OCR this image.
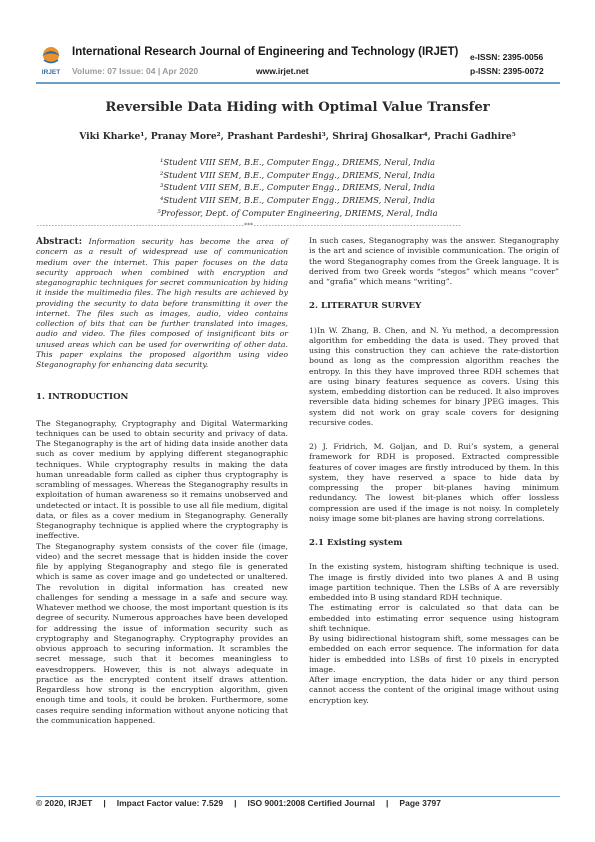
IRJET
International Research Journal of Engineering and Technology (IRJET)
Volume: 07 Issue: 04 | Apr 2020	www.irjet.net
e-ISSN: 2395-0056
p-ISSN: 2395-0072
Reversible Data Hiding with Optimal Value Transfer
Viki Kharke¹, Pranay More², Prashant Pardeshi³, Shriraj Ghosalkar⁴, Prachi Gadhire⁵
¹Student VIII SEM, B.E., Computer Engg., DRIEMS, Neral, India
²Student VIII SEM, B.E., Computer Engg., DRIEMS, Neral, India
³Student VIII SEM, B.E., Computer Engg., DRIEMS, Neral, India
⁴Student VIII SEM, B.E., Computer Engg., DRIEMS, Neral, India
⁵Professor, Dept. of Computer Engineering, DRIEMS, Neral, India
---------------------------------------------------------------------***---------------------------------------------------------------------

Abstract: Information security has become the area of concern as a result of widespread use of communication medium over the internet. This paper focuses on the data security approach when combined with encryption and steganographic techniques for secret communication by hiding it inside the multimedia files. The high results are achieved by providing the security to data before transmitting it over the internet. The files such as images, audio, video contains collection of bits that can be further translated into images, audio and video. The files composed of insignificant bits or unused areas which can be used for overwriting of other data. This paper explains the proposed algorithm using video Steganography for enhancing data security.

1. INTRODUCTION

The Steganography, Cryptography and Digital Watermarking techniques can be used to obtain security and privacy of data. The Steganography is the art of hiding data inside another data such as cover medium by applying different steganographic techniques. While cryptography results in making the data human unreadable form called as cipher thus cryptography is scrambling of messages. Whereas the Steganography results in exploitation of human awareness so it remains unobserved and undetected or intact. It is possible to use all file medium, digital data, or files as a cover medium in Steganography. Generally Steganography technique is applied where the cryptography is ineffective.

The Steganography system consists of the cover file (image, video) and the secret message that is hidden inside the cover file by applying Steganography and stego file is generated which is same as cover image and go undetected or unaltered. The revolution in digital information has created new challenges for sending a message in a safe and secure way. Whatever method we choose, the most important question is its degree of security. Numerous approaches have been developed for addressing the issue of information security such as cryptography and Steganography. Cryptography provides an obvious approach to securing information. It scrambles the secret message, such that it becomes meaningless to eavesdroppers. However, this is not always adequate in practice as the encrypted content itself draws attention. Regardless how strong is the encryption algorithm, given enough time and tools, it could be broken. Furthermore, some cases require sending information without anyone noticing that the communication happened.

In such cases, Steganography was the answer. Steganography is the art and science of invisible communication. The origin of the word Steganography comes from the Greek language. It is derived from two Greek words “stegos” which means “cover” and “grafia” which means “writing”.

2. LITERATUR SURVEY

1)In W. Zhang, B. Chen, and N. Yu method, a decompression algorithm for embedding the data is used. They proved that using this construction they can achieve the rate-distortion bound as long as the compression algorithm reaches the entropy. In this they have improved three RDH schemes that are using binary features sequence as covers. Using this system, embedding distortion can be reduced. It also improves reversible data hiding schemes for binary JPEG images. This system did not work on gray scale covers for designing recursive codes.

2) J. Fridrich, M. Goljan, and D. Rui’s system, a general framework for RDH is proposed. Extracted compressible features of cover images are firstly introduced by them. In this system, they have reserved a space to hide data by compressing the proper bit-planes having minimum redundancy. The lowest bit-planes which offer lossless compression are used if the image is not noisy. In completely noisy image some bit-planes are having strong correlations.

2.1 Existing system

In the existing system, histogram shifting technique is used. The image is firstly divided into two planes A and B using image partition technique. Then the LSBs of A are reversibly embedded into B using standard RDH technique.

The estimating error is calculated so that data can be embedded into estimating error sequence using histogram shift technique.

By using bidirectional histogram shift, some messages can be embedded on each error sequence. The information for data hider is embedded into LSBs of first 10 pixels in encrypted image.

After image encryption, the data hider or any third person cannot access the content of the original image without using encryption key.

© 2020, IRJET | Impact Factor value: 7.529 | ISO 9001:2008 Certified Journal | Page 3797
